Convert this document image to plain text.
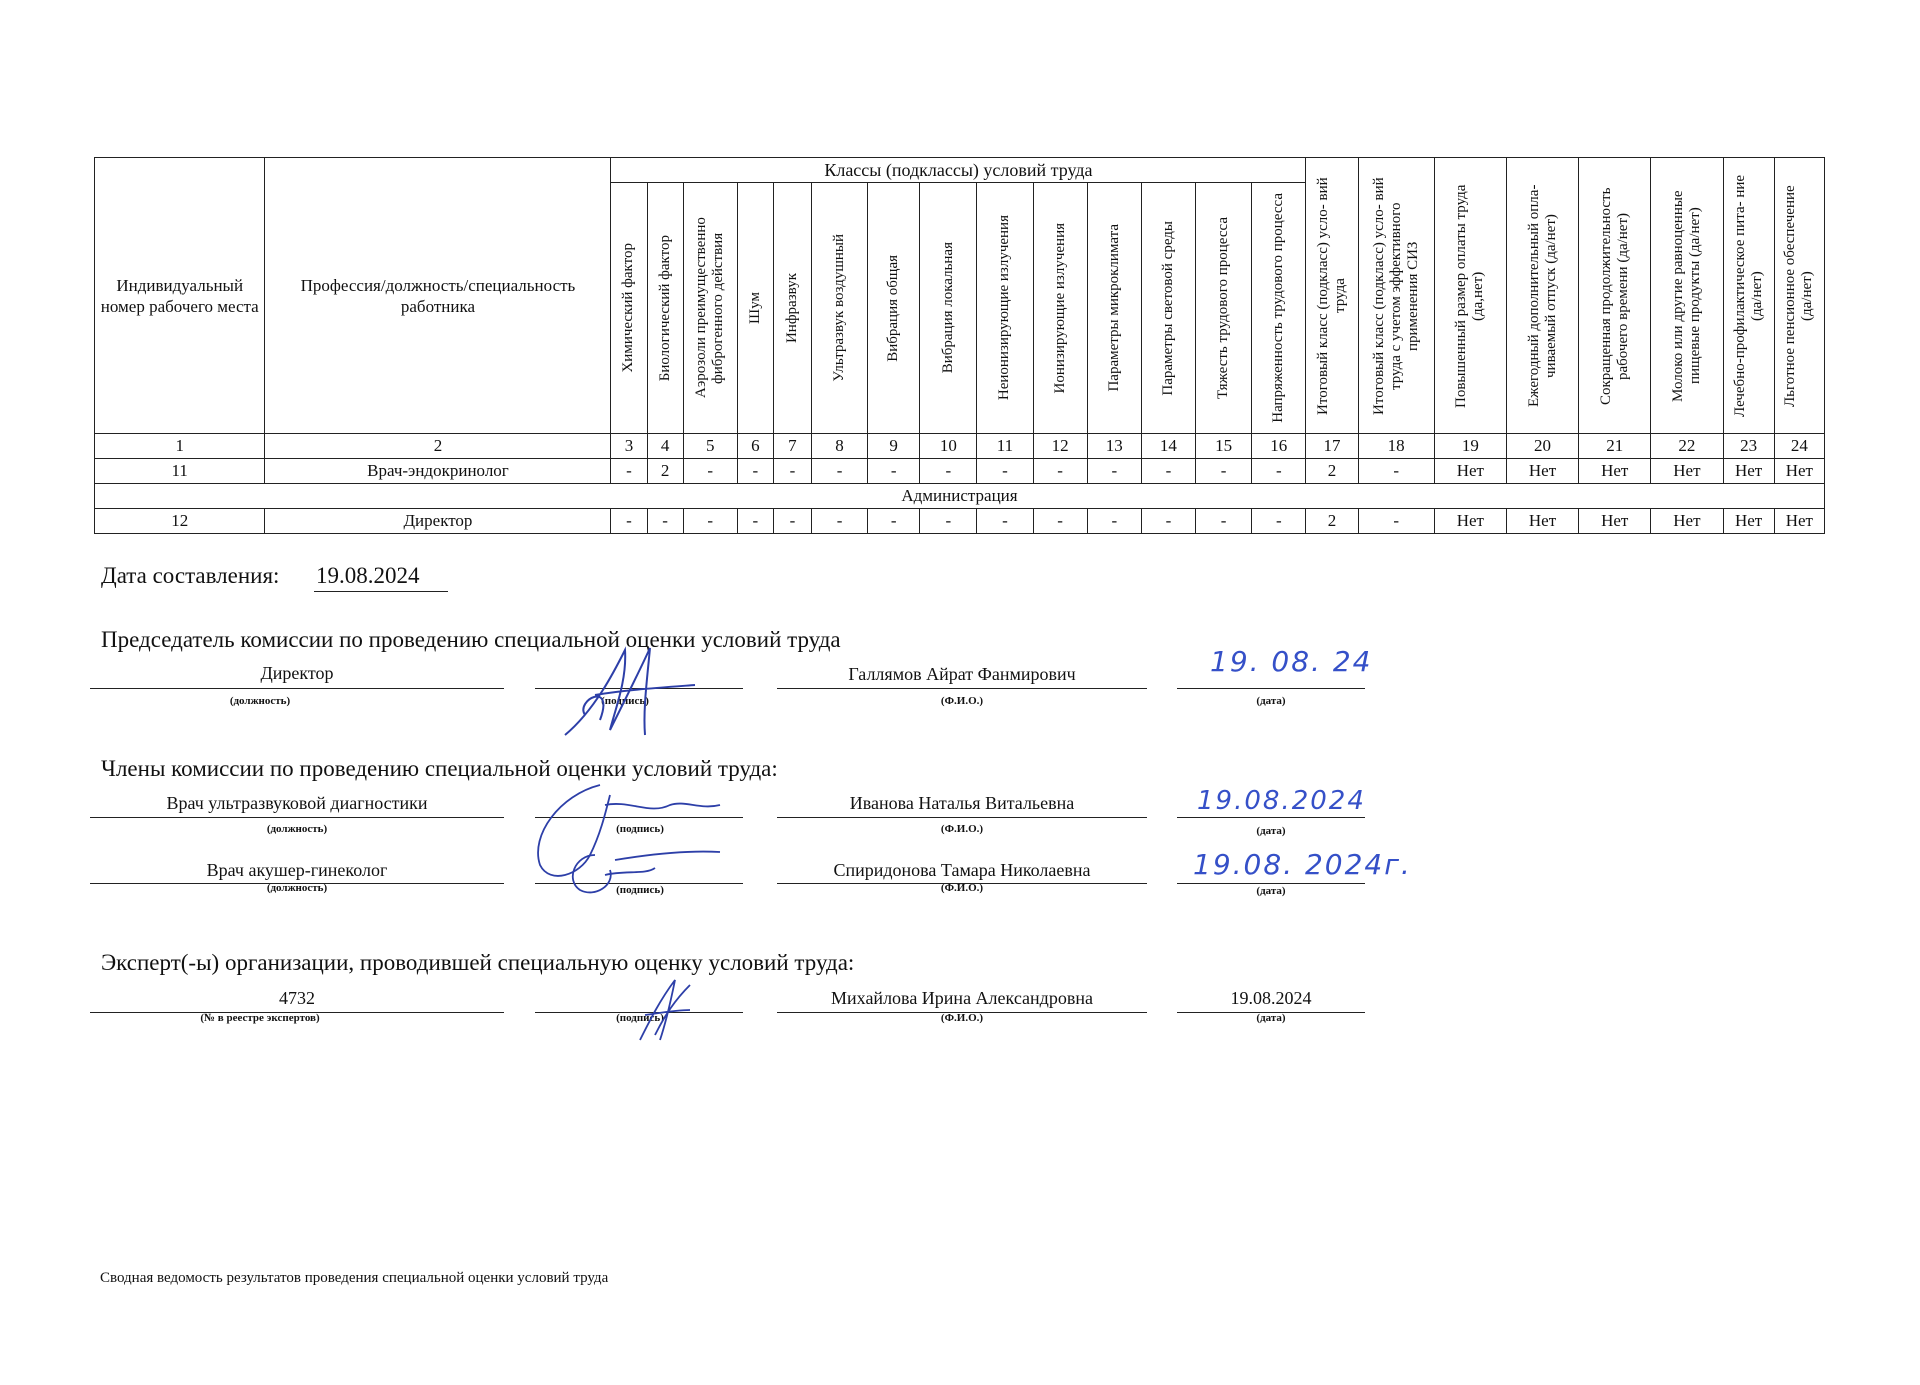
Индивидуальный номер рабочего места	Профессия/должность/специальность работника	Классы (подклассы) условий труда														Итоговый класс (подкласс) усло- вий труда	Итоговый класс (подкласс) усло- вий труда с учетом эффективного применения СИЗ	Повышенный размер оплаты труда (да,нет)	Ежегодный дополнительный опла- чиваемый отпуск (да/нет)	Сокращенная продолжительность рабочего времени (да/нет)	Молоко или другие равноценные пищевые продукты (да/нет)	Лечебно-профилактическое пита- ние (да/нет)	Льготное пенсионное обеспечение (да/нет)

		Химический фактор	Биологический фактор	Аэрозоли преимущественно фиброгенного действия	Шум	Инфразвук	Ультразвук воздушный	Вибрация общая	Вибрация локальная	Неионизирующие излучения	Ионизирующие излучения	Параметры микроклимата	Параметры световой среды	Тяжесть трудового процесса	Напряженность трудового процесса								

1	2	3	4	5	6	7	8	9	10	11	12	13	14	15	16	17	18	19	20	21	22	23	24
11	Врач-эндокринолог	-	2	-	-	-	-	-	-	-	-	-	-	-	-	2	-	Нет	Нет	Нет	Нет	Нет	Нет
Администрация																							
12	Директор	-	-	-	-	-	-	-	-	-	-	-	-	-	-	2	-	Нет	Нет	Нет	Нет	Нет	Нет
Дата составления: 19.08.2024
Председатель комиссии по проведению специальной оценки условий труда
Директор
(должность)	(подпись)
Галлямов Айрат Фанмирович
(Ф.И.О.)
19. 08. 24
(дата)
Члены комиссии по проведению специальной оценки условий труда:
Врач ультразвуковой диагностики
(должность)	(подпись)
Иванова Наталья Витальевна
(Ф.И.О.)
19.08.2024
(дата)
Врач акушер-гинеколог
(должность)	(подпись)
Спиридонова Тамара Николаевна
(Ф.И.О.)
19.08. 2024г.
(дата)
Эксперт(-ы) организации, проводившей специальную оценку условий труда:
4732
(№ в реестре экспертов)	(подпись)
Михайлова Ирина Александровна
(Ф.И.О.)
19.08.2024
(дата)
Сводная ведомость результатов проведения специальной оценки условий труда
